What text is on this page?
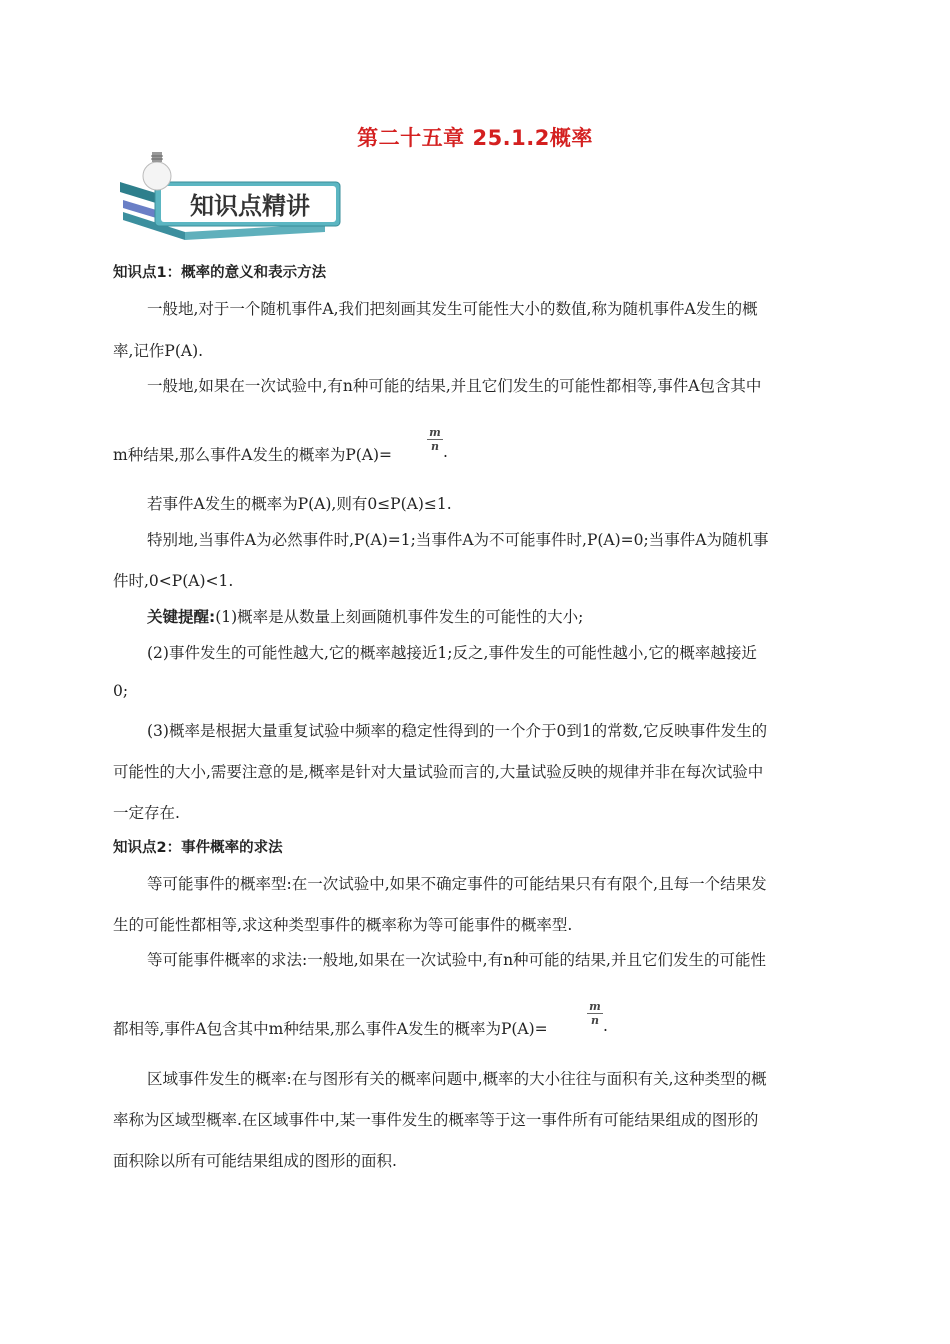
第二十五章 25.1.2概率
知识点精讲
知识点1：概率的意义和表示方法
一般地,对于一个随机事件A,我们把刻画其发生可能性大小的数值,称为随机事件A发生的概
率,记作P(A).
一般地,如果在一次试验中,有n种可能的结果,并且它们发生的可能性都相等,事件A包含其中
m种结果,那么事件A发生的概率为P(A)=
$\frac{m}{n}$ .
若事件A发生的概率为P(A),则有0≤P(A)≤1.
特别地,当事件A为必然事件时,P(A)=1;当事件A为不可能事件时,P(A)=0;当事件A为随机事
件时,0<P(A)<1.
关键提醒:(1)概率是从数量上刻画随机事件发生的可能性的大小;
(2)事件发生的可能性越大,它的概率越接近1;反之,事件发生的可能性越小,它的概率越接近
0;
(3)概率是根据大量重复试验中频率的稳定性得到的一个介于0到1的常数,它反映事件发生的
可能性的大小,需要注意的是,概率是针对大量试验而言的,大量试验反映的规律并非在每次试验中
一定存在.
知识点2：事件概率的求法
等可能事件的概率型:在一次试验中,如果不确定事件的可能结果只有有限个,且每一个结果发
生的可能性都相等,求这种类型事件的概率称为等可能事件的概率型.
等可能事件概率的求法:一般地,如果在一次试验中,有n种可能的结果,并且它们发生的可能性
都相等,事件A包含其中m种结果,那么事件A发生的概率为P(A)=
$\frac{m}{n}$ .
区域事件发生的概率:在与图形有关的概率问题中,概率的大小往往与面积有关,这种类型的概
率称为区域型概率.在区域事件中,某一事件发生的概率等于这一事件所有可能结果组成的图形的
面积除以所有可能结果组成的图形的面积.
